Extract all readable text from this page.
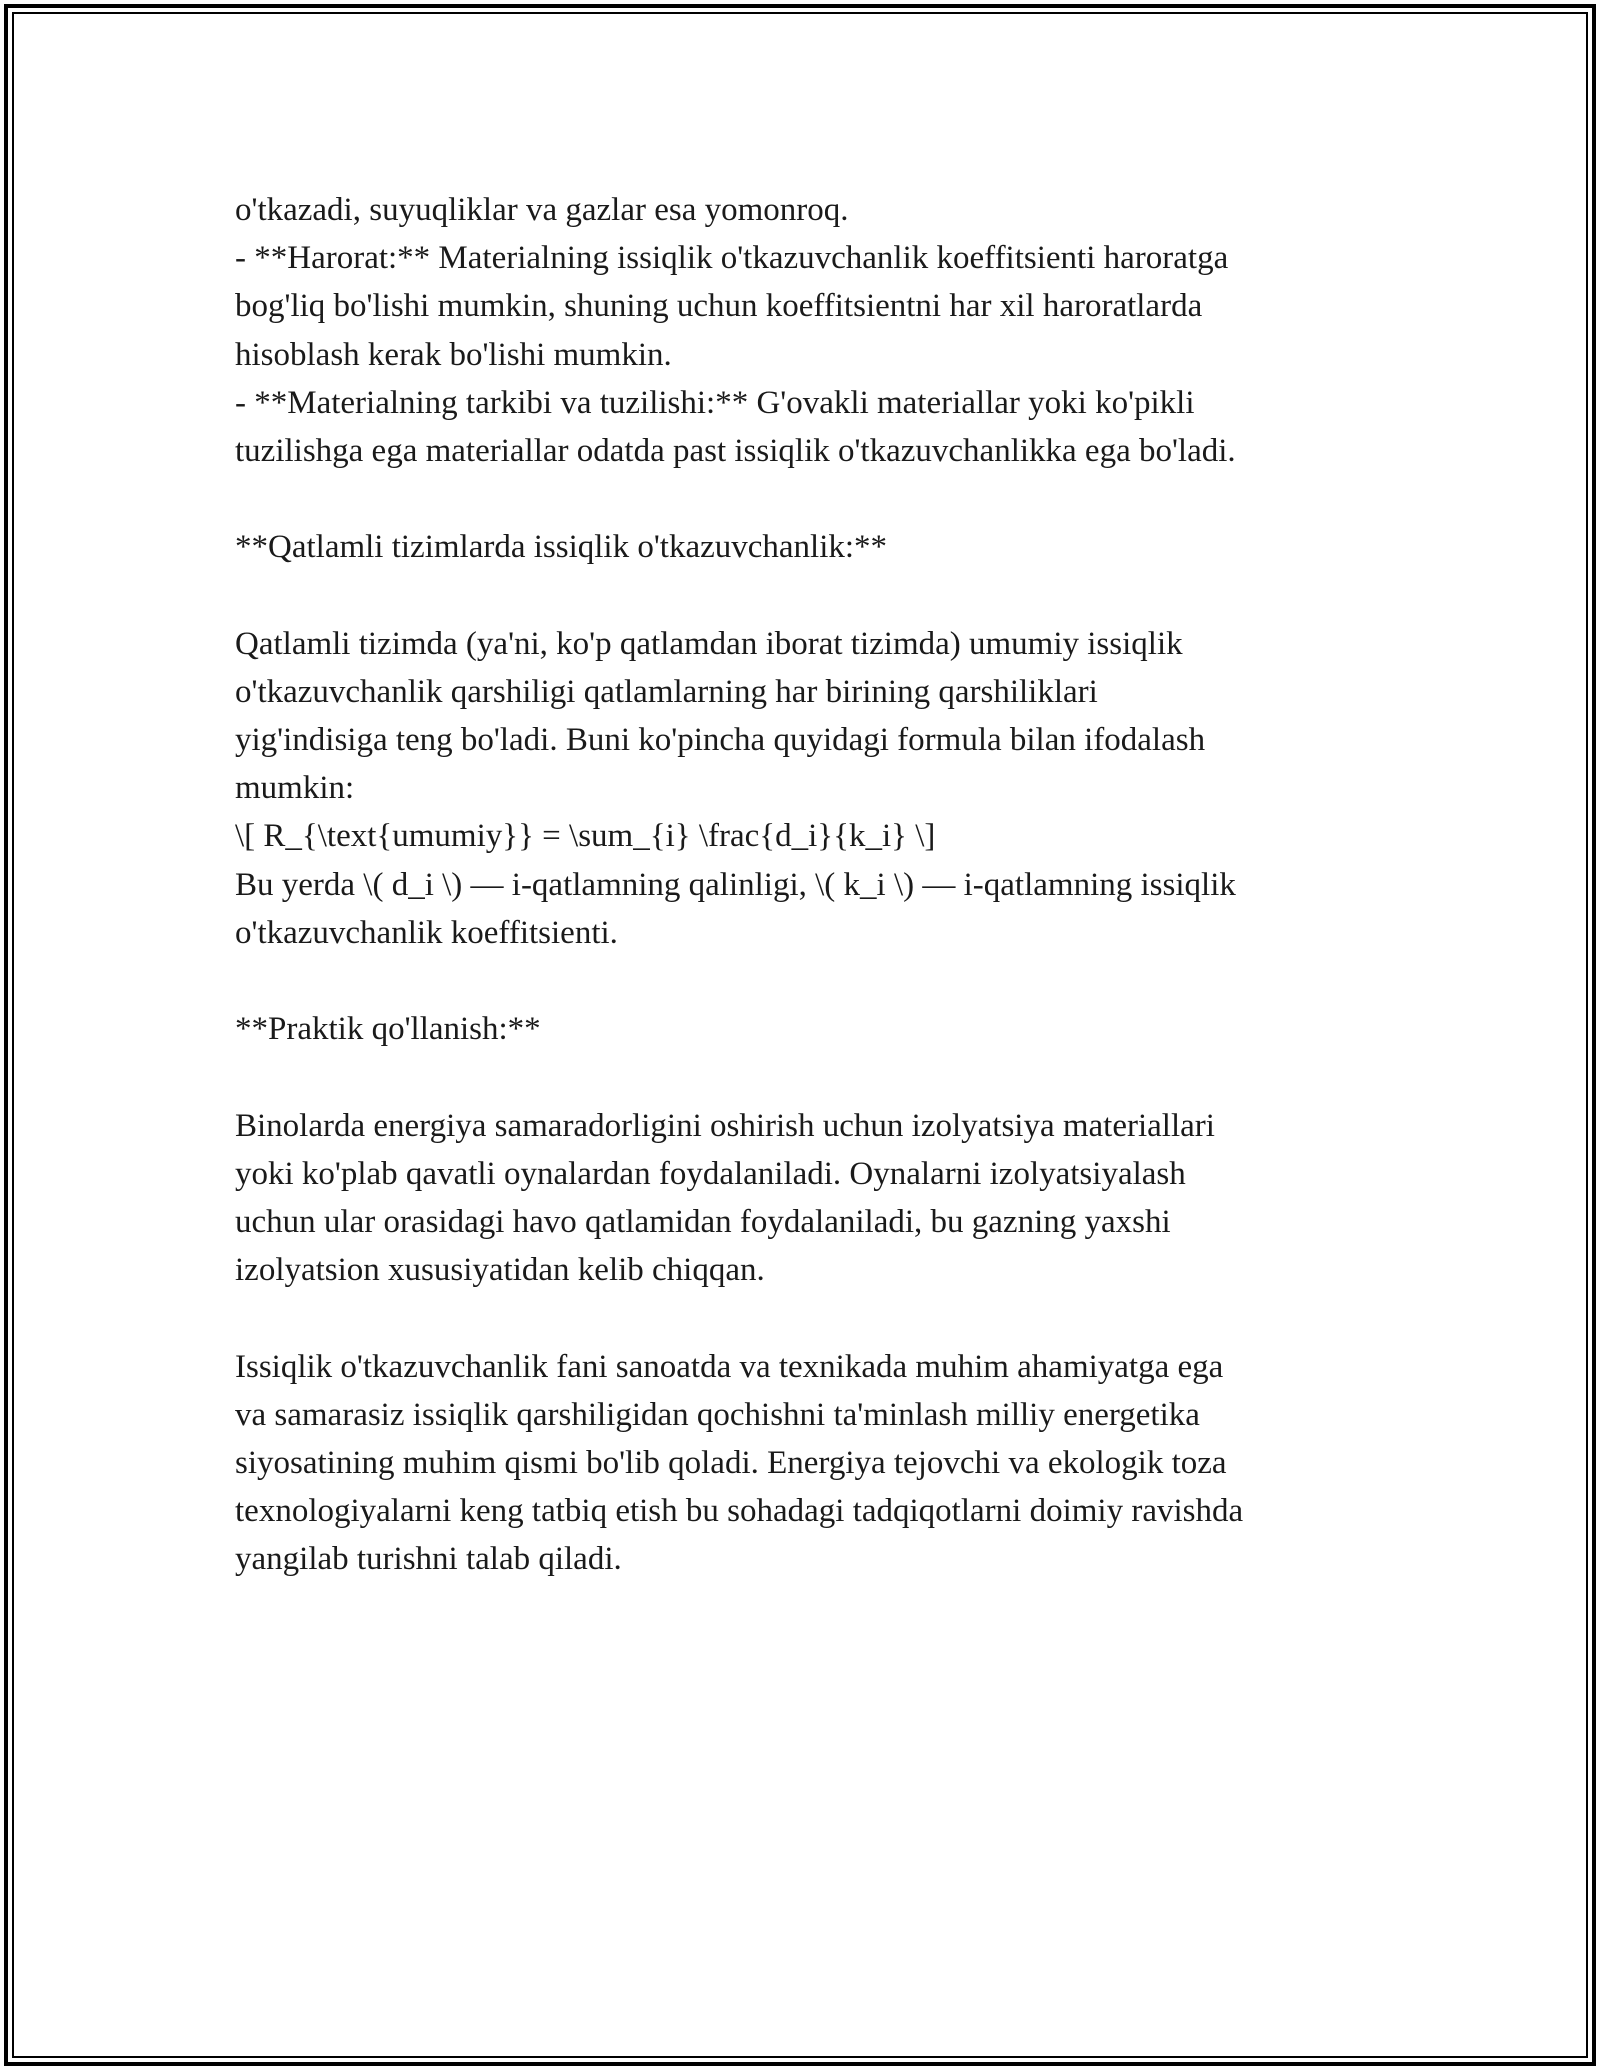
o'tkazadi, suyuqliklar va gazlar esa yomonroq.
- **Harorat:** Materialning issiqlik o'tkazuvchanlik koeffitsienti haroratga
bog'liq bo'lishi mumkin, shuning uchun koeffitsientni har xil haroratlarda
hisoblash kerak bo'lishi mumkin.
- **Materialning tarkibi va tuzilishi:** G'ovakli materiallar yoki ko'pikli
tuzilishga ega materiallar odatda past issiqlik o'tkazuvchanlikka ega bo'ladi.
**Qatlamli tizimlarda issiqlik o'tkazuvchanlik:**
Qatlamli tizimda (ya'ni, ko'p qatlamdan iborat tizimda) umumiy issiqlik
o'tkazuvchanlik qarshiligi qatlamlarning har birining qarshiliklari
yig'indisiga teng bo'ladi. Buni ko'pincha quyidagi formula bilan ifodalash
mumkin:
\[ R_{\text{umumiy}} = \sum_{i} \frac{d_i}{k_i} \]
Bu yerda \( d_i \) — i-qatlamning qalinligi, \( k_i \) — i-qatlamning issiqlik
o'tkazuvchanlik koeffitsienti.
**Praktik qo'llanish:**
Binolarda energiya samaradorligini oshirish uchun izolyatsiya materiallari
yoki ko'plab qavatli oynalardan foydalaniladi. Oynalarni izolyatsiyalash
uchun ular orasidagi havo qatlamidan foydalaniladi, bu gazning yaxshi
izolyatsion xususiyatidan kelib chiqqan.
Issiqlik o'tkazuvchanlik fani sanoatda va texnikada muhim ahamiyatga ega
va samarasiz issiqlik qarshiligidan qochishni ta'minlash milliy energetika
siyosatining muhim qismi bo'lib qoladi. Energiya tejovchi va ekologik toza
texnologiyalarni keng tatbiq etish bu sohadagi tadqiqotlarni doimiy ravishda
yangilab turishni talab qiladi.
